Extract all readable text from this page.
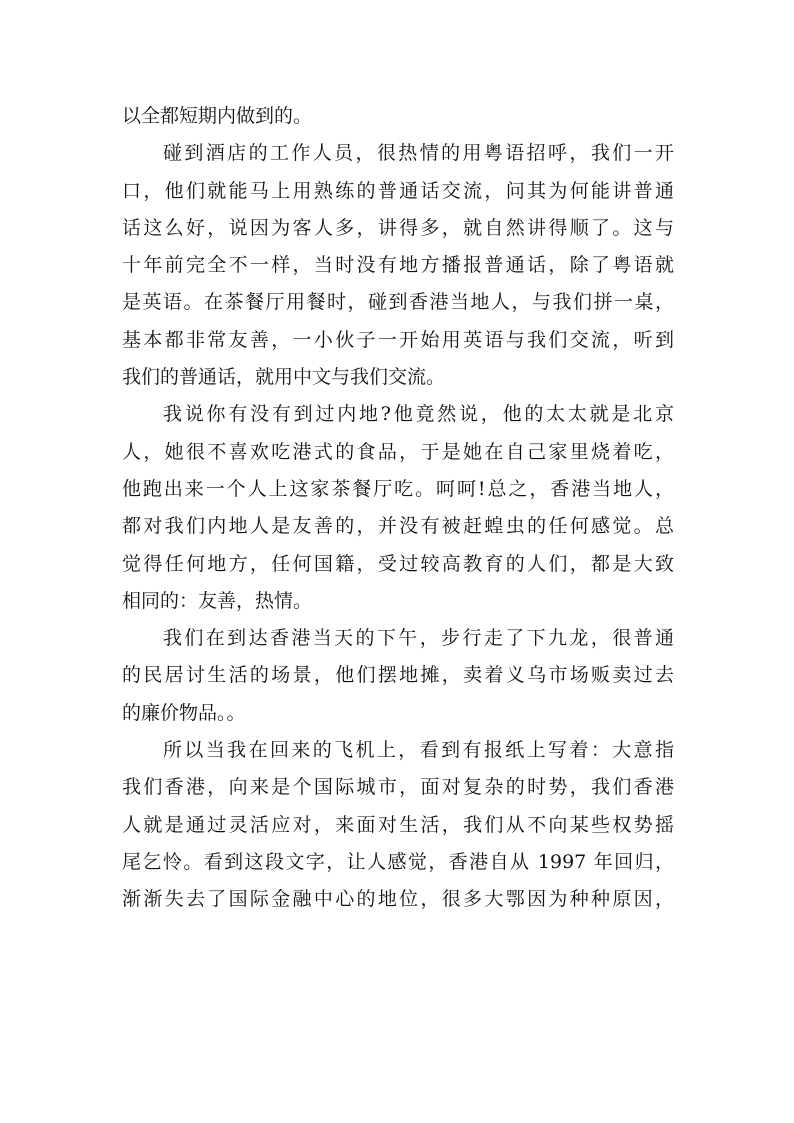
以全都短期内做到的。
碰到酒店的工作人员，很热情的用粤语招呼，我们一开
口，他们就能马上用熟练的普通话交流，问其为何能讲普通
话这么好，说因为客人多，讲得多，就自然讲得顺了。这与
十年前完全不一样，当时没有地方播报普通话，除了粤语就
是英语。在茶餐厅用餐时，碰到香港当地人，与我们拼一桌，
基本都非常友善，一小伙子一开始用英语与我们交流，听到
我们的普通话，就用中文与我们交流。
我说你有没有到过内地?他竟然说，他的太太就是北京
人，她很不喜欢吃港式的食品，于是她在自己家里烧着吃，
他跑出来一个人上这家茶餐厅吃。呵呵!总之，香港当地人，
都对我们内地人是友善的，并没有被赶蝗虫的任何感觉。总
觉得任何地方，任何国籍，受过较高教育的人们，都是大致
相同的：友善，热情。
我们在到达香港当天的下午，步行走了下九龙，很普通
的民居讨生活的场景，他们摆地摊，卖着义乌市场贩卖过去
的廉价物品。。
所以当我在回来的飞机上，看到有报纸上写着：大意指
我们香港，向来是个国际城市，面对复杂的时势，我们香港
人就是通过灵活应对，来面对生活，我们从不向某些权势摇
尾乞怜。看到这段文字，让人感觉，香港自从 1997 年回归，
渐渐失去了国际金融中心的地位，很多大鄂因为种种原因，
